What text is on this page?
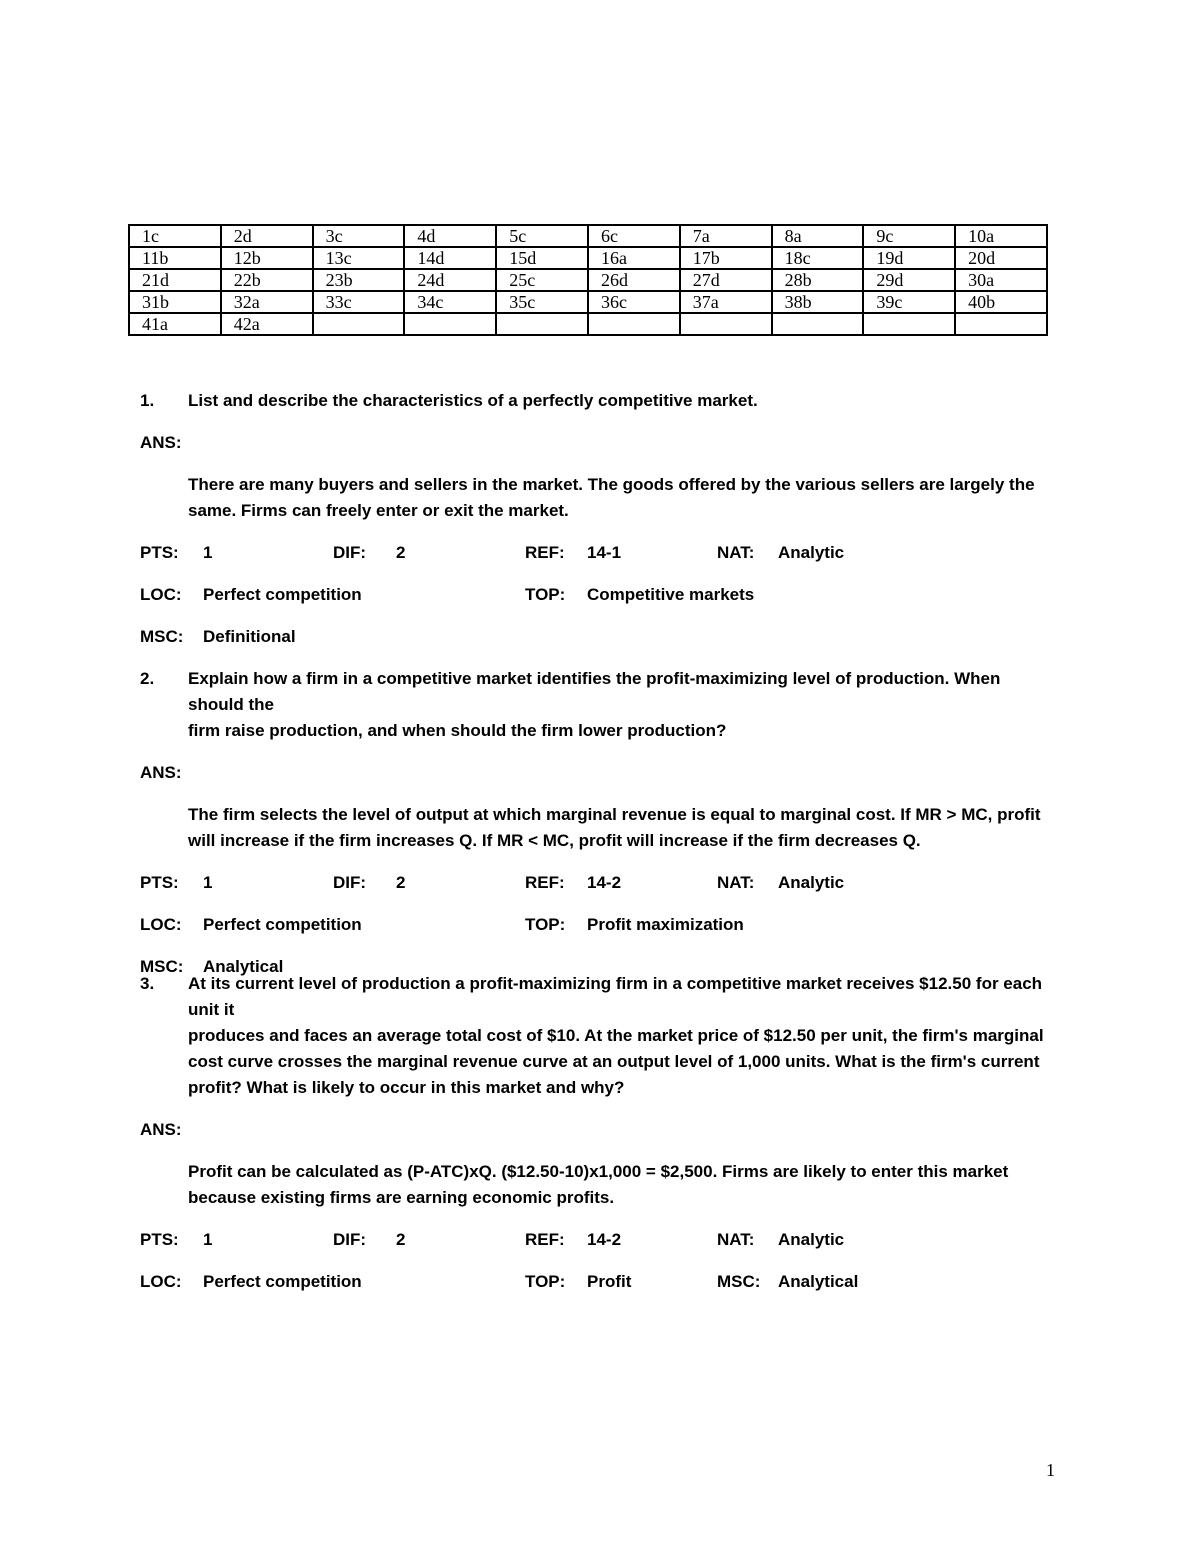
1c	2d	3c	4d	5c	6c	7a	8a	9c	10a
11b	12b	13c	14d	15d	16a	17b	18c	19d	20d
21d	22b	23b	24d	25c	26d	27d	28b	29d	30a
31b	32a	33c	34c	35c	36c	37a	38b	39c	40b
41a	42a								
1.	List and describe the characteristics of a perfectly competitive market.
ANS:
There are many buyers and sellers in the market. The goods offered by the various sellers are largely the same. Firms can freely enter or exit the market.
PTS: 1	DIF: 2	REF: 14-1	NAT: Analytic
LOC: Perfect competition	TOP: Competitive markets
MSC: Definitional
2.	Explain how a firm in a competitive market identifies the profit-maximizing level of production. When should the
firm raise production, and when should the firm lower production?
ANS:
The firm selects the level of output at which marginal revenue is equal to marginal cost. If MR > MC, profit will increase if the firm increases Q. If MR < MC, profit will increase if the firm decreases Q.
PTS: 1	DIF: 2	REF: 14-2	NAT: Analytic
LOC: Perfect competition	TOP: Profit maximization
MSC: Analytical
3.	At its current level of production a profit-maximizing firm in a competitive market receives $12.50 for each unit it
produces and faces an average total cost of $10. At the market price of $12.50 per unit, the firm's marginal
cost curve crosses the marginal revenue curve at an output level of 1,000 units. What is the firm's current
profit? What is likely to occur in this market and why?
ANS:
Profit can be calculated as (P-ATC)xQ. ($12.50-10)x1,000 = $2,500. Firms are likely to enter this market because existing firms are earning economic profits.
PTS: 1	DIF: 2	REF: 14-2	NAT: Analytic
LOC: Perfect competition	TOP: Profit	MSC: Analytical
1
